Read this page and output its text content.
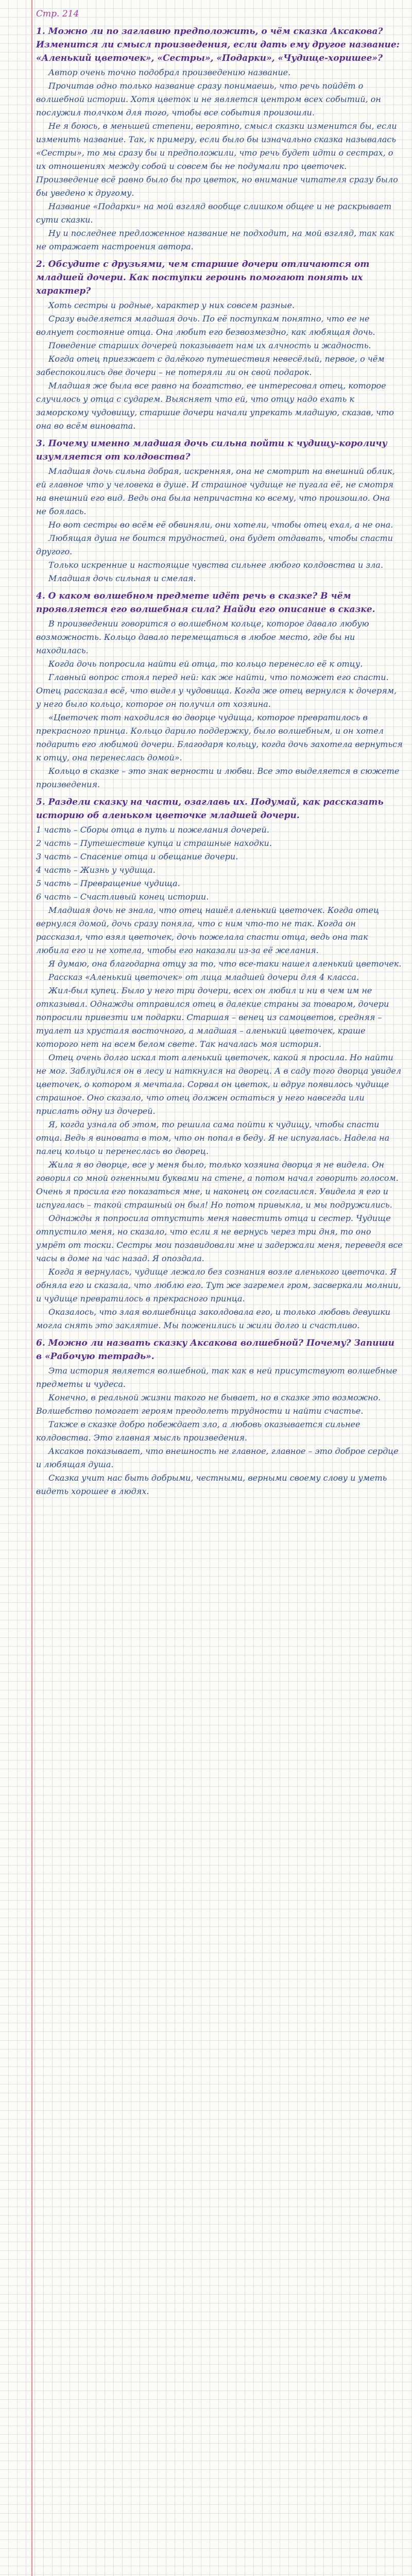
Стр. 214

1. Можно ли по заглавию предположить, о чём сказка Аксакова? Изменится ли смысл произведения, если дать ему другое название: «Аленький цветочек», «Сестры», «Подарки», «Чудище-хоришее»?

Автор очень точно подобрал произведению название.

Прочитав одно только название сразу понимаешь, что речь пойдёт о волшебной истории. Хотя цветок и не является центром всех событий, он послужил толчком для того, чтобы все события произошли.

Не я боюсь, в меньшей степени, вероятно, смысл сказки изменится бы, если изменить название. Так, к примеру, если было бы изначально сказка называлась «Сестры», то мы сразу бы и предположили, что речь будет идти о сестрах, о их отношениях между собой и совсем бы не подумали про цветочек. Произведение всё равно было бы про цветок, но внимание читателя сразу было бы уведено к другому.

Название «Подарки» на мой взгляд вообще слишком общее и не раскрывает сути сказки.

Ну и последнее предложенное название не подходит, на мой взгляд, так как не отражает настроения автора.

2. Обсудите с друзьями, чем старшие дочери отличаются от младшей дочери. Как поступки героинь помогают понять их характер?

Хоть сестры и родные, характер у них совсем разные.

Сразу выделяется младшая дочь. По её поступкам понятно, что ее не волнует состояние отца. Она любит его безвозмездно, как любящая дочь.

Поведение старших дочерей показывает нам их алчность и жадность.

Когда отец приезжает с далёкого путешествия невесёлый, первое, о чём забеспокоились две дочери – не потеряли ли он свой подарок.

Младшая же была все равно на богатство, ее интересовал отец, которое случилось у отца с сударем. Выясняет что ей, что отцу надо ехать к заморскому чудовищу, старшие дочери начали упрекать младшую, сказав, что она во всём виновата.

3. Почему именно младшая дочь сильна пойти к чудищу-короличу изумляется от колдовства?

Младшая дочь сильна добрая, искренняя, она не смотрит на внешний облик, ей главное что у человека в душе. И страшное чудище не пугала её, не смотря на внешний его вид. Ведь она была непричастна ко всему, что произошло. Она не боялась.

Но вот сестры во всём её обвиняли, они хотели, чтобы отец ехал, а не она.

Любящая душа не боится трудностей, она будет отдавать, чтобы спасти другого.

Только искренние и настоящие чувства сильнее любого колдовства и зла.

Младшая дочь сильная и смелая.

4. О каком волшебном предмете идёт речь в сказке? В чём проявляется его волшебная сила? Найди его описание в сказке.

В произведении говорится о волшебном кольце, которое давало любую возможность. Кольцо давало перемещаться в любое место, где бы ни находилась.

Когда дочь попросила найти ей отца, то кольцо перенесло её к отцу.

Главный вопрос стоял перед ней: как же найти, что поможет его спасти. Отец рассказал всё, что видел у чудовища. Когда же отец вернулся к дочерям, у него было кольцо, которое он получил от хозяина.

«Цветочек тот находился во дворце чудища, которое превратилось в прекрасного принца. Кольцо дарило поддержку, было волшебным, и он хотел подарить его любимой дочери. Благодаря кольцу, когда дочь захотела вернуться к отцу, она перенеслась домой».

Кольцо в сказке – это знак верности и любви. Все это выделяется в сюжете произведения.

5. Раздели сказку на части, озаглавь их. Подумай, как рассказать историю об аленьком цветочке младшей дочери.

1 часть – Сборы отца в путь и пожелания дочерей.

2 часть – Путешествие купца и страшные находки.

3 часть – Спасение отца и обещание дочери.

4 часть – Жизнь у чудища.

5 часть – Превращение чудища.

6 часть – Счастливый конец истории.

Младшая дочь не знала, что отец нашёл аленький цветочек. Когда отец вернулся домой, дочь сразу поняла, что с ним что-то не так. Когда он рассказал, что взял цветочек, дочь пожелала спасти отца, ведь она так любила его и не хотела, чтобы его наказали из-за её желания.

Я думаю, она благодарна отцу за то, что все-таки нашел аленький цветочек.

Рассказ «Аленький цветочек» от лица младшей дочери для 4 класса.

Жил-был купец. Было у него три дочери, всех он любил и ни в чем им не отказывал. Однажды отправился отец в далекие страны за товаром, дочери попросили привезти им подарки. Старшая – венец из самоцветов, средняя – туалет из хрусталя восточного, а младшая – аленький цветочек, краше которого нет на всем белом свете. Так началась моя история.

Отец очень долго искал тот аленький цветочек, какой я просила. Но найти не мог. Заблудился он в лесу и наткнулся на дворец. А в саду того дворца увидел цветочек, о котором я мечтала. Сорвал он цветок, и вдруг появилось чудище страшное. Оно сказало, что отец должен остаться у него навсегда или прислать одну из дочерей.

Я, когда узнала об этом, то решила сама пойти к чудищу, чтобы спасти отца. Ведь я виновата в том, что он попал в беду. Я не испугалась. Надела на палец кольцо и перенеслась во дворец.

Жила я во дворце, все у меня было, только хозяина дворца я не видела. Он говорил со мной огненными буквами на стене, а потом начал говорить голосом. Очень я просила его показаться мне, и наконец он согласился. Увидела я его и испугалась – такой страшный он был! Но потом привыкла, и мы подружились.

Однажды я попросила отпустить меня навестить отца и сестер. Чудище отпустило меня, но сказало, что если я не вернусь через три дня, то оно умрёт от тоски. Сестры мои позавидовали мне и задержали меня, переведя все часы в доме на час назад. Я опоздала.

Когда я вернулась, чудище лежало без сознания возле аленького цветочка. Я обняла его и сказала, что люблю его. Тут же загремел гром, засверкали молнии, и чудище превратилось в прекрасного принца.

Оказалось, что злая волшебница заколдовала его, и только любовь девушки могла снять это заклятие. Мы поженились и жили долго и счастливо.

6. Можно ли назвать сказку Аксакова волшебной? Почему? Запиши в «Рабочую тетрадь».

Эта история является волшебной, так как в ней присутствуют волшебные предметы и чудеса.

Конечно, в реальной жизни такого не бывает, но в сказке это возможно. Волшебство помогает героям преодолеть трудности и найти счастье.

Также в сказке добро побеждает зло, а любовь оказывается сильнее колдовства. Это главная мысль произведения.

Аксаков показывает, что внешность не главное, главное – это доброе сердце и любящая душа.

Сказка учит нас быть добрыми, честными, верными своему слову и уметь видеть хорошее в людях.
